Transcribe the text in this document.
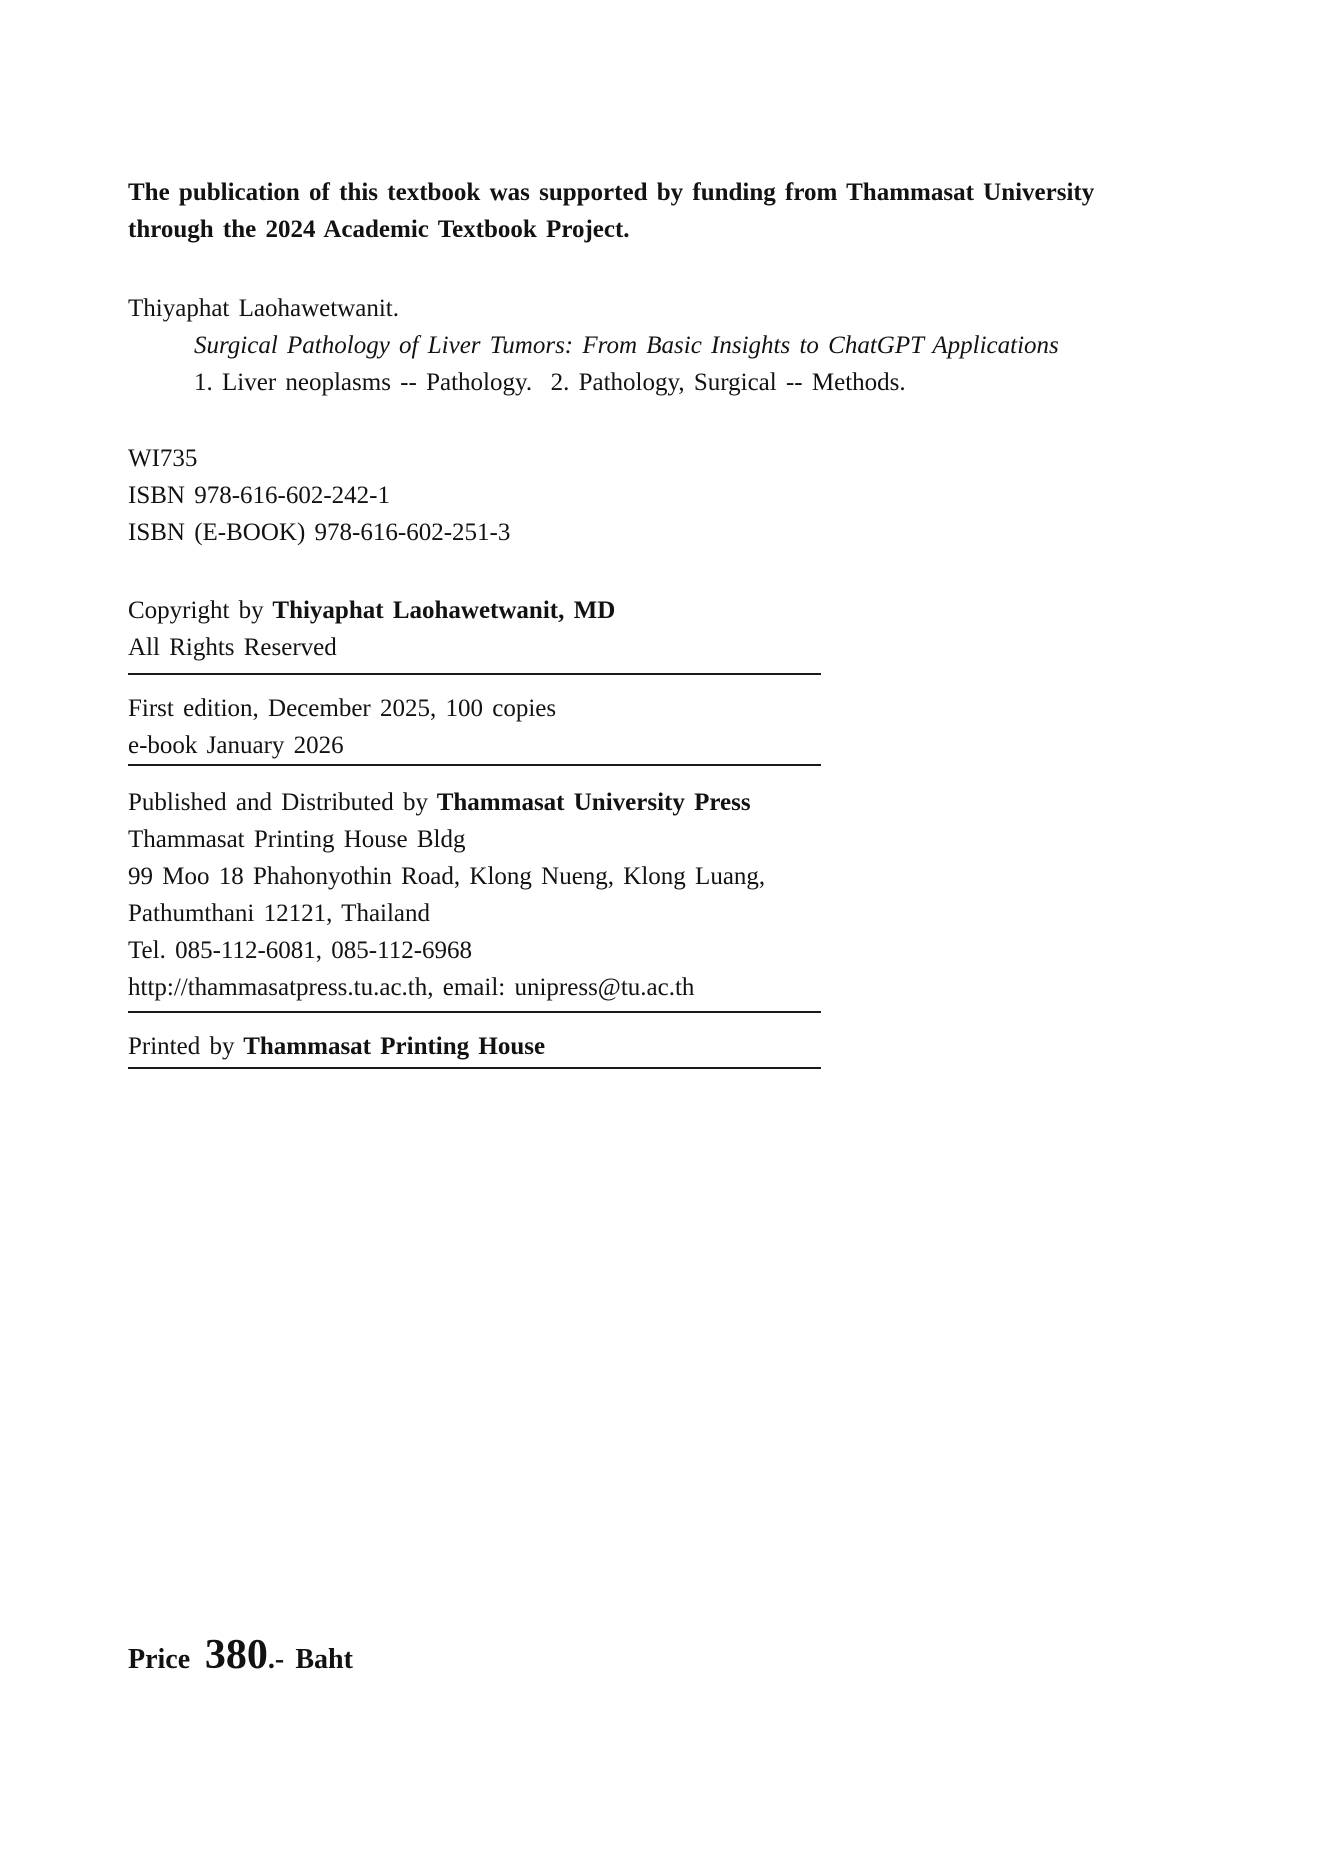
The publication of this textbook was supported by funding from Thammasat University
through the 2024 Academic Textbook Project.
Thiyaphat Laohawetwanit.
Surgical Pathology of Liver Tumors: From Basic Insights to ChatGPT Applications
1. Liver neoplasms -- Pathology.  2. Pathology, Surgical -- Methods.
WI735
ISBN 978-616-602-242-1
ISBN (E-BOOK) 978-616-602-251-3
Copyright by Thiyaphat Laohawetwanit, MD
All Rights Reserved
First edition, December 2025, 100 copies
e-book January 2026
Published and Distributed by Thammasat University Press
Thammasat Printing House Bldg
99 Moo 18 Phahonyothin Road, Klong Nueng, Klong Luang,
Pathumthani 12121, Thailand
Tel. 085-112-6081, 085-112-6968
http://thammasatpress.tu.ac.th, email: unipress@tu.ac.th
Printed by Thammasat Printing House
Price 380.- Baht
